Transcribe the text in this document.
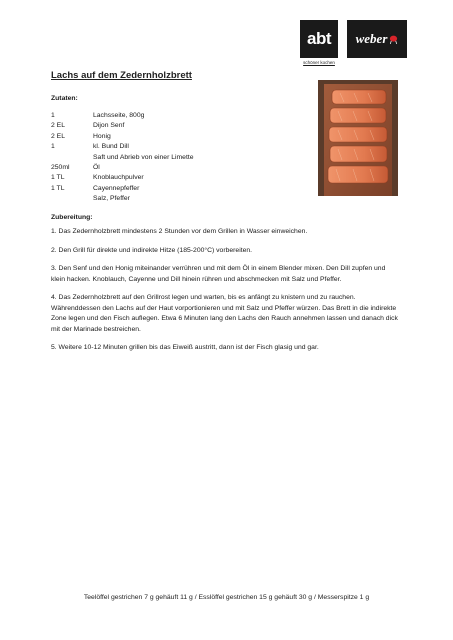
abt
schöner kochen
weber
Lachs auf dem Zedernholzbrett

Zutaten:

1	Lachsseite, 800g
2 EL	Dijon Senf
2 EL	Honig
1	kl. Bund Dill
Saft und Abrieb von einer Limette
250ml	Öl
1 TL	Knoblauchpulver
1 TL	Cayennepfeffer
Salz, Pfeffer

Zubereitung:

1. Das Zedernholzbrett mindestens 2 Stunden vor dem Grillen in Wasser einweichen.

2. Den Grill für direkte und indirekte Hitze (185-200°C) vorbereiten.

3. Den Senf und den Honig miteinander verrühren und mit dem Öl in einem Blender mixen. Den Dill zupfen und klein hacken. Knoblauch, Cayenne und Dill hinein rühren und abschmecken mit Salz und Pfeffer.

4. Das Zedernholzbrett auf den Grillrost legen und warten, bis es anfängt zu knistern und zu rauchen. Währenddessen den Lachs auf der Haut vorportionieren und mit Salz und Pfeffer würzen. Das Brett in die indirekte Zone legen und den Fisch auflegen. Etwa 6 Minuten lang den Lachs den Rauch annehmen lassen und danach dick mit der Marinade bestreichen.

5. Weitere 10-12 Minuten grillen bis das Eiweiß austritt, dann ist der Fisch glasig und gar.

Teelöffel gestrichen 7 g gehäuft 11 g / Esslöffel gestrichen 15 g gehäuft 30 g / Messerspitze 1 g
